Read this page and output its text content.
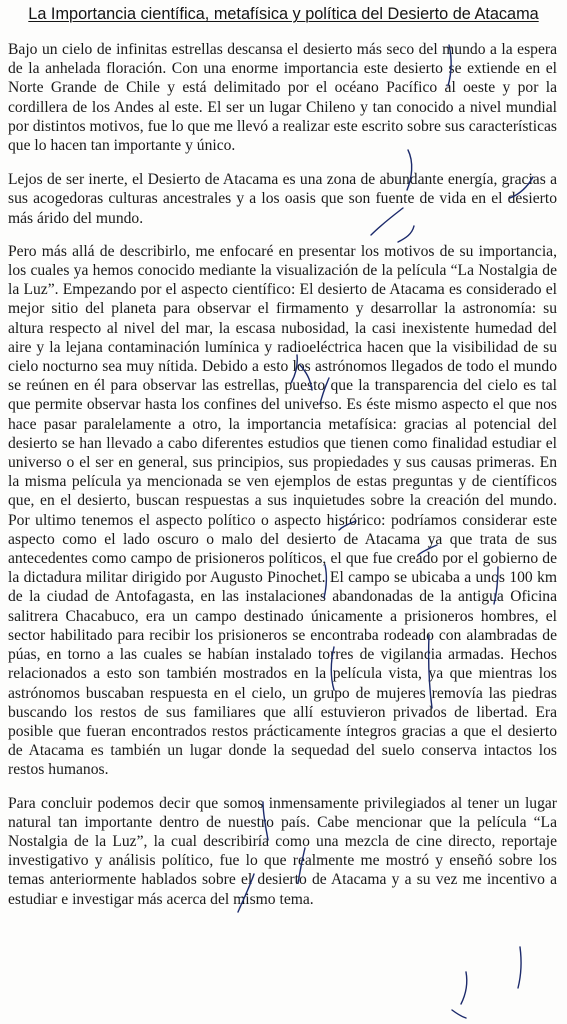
La Importancia científica, metafísica y política del Desierto de Atacama

Bajo un cielo de infinitas estrellas descansa el desierto más seco del mundo a la espera de la anhelada floración. Con una enorme importancia este desierto se extiende en el Norte Grande de Chile y está delimitado por el océano Pacífico al oeste y por la cordillera de los Andes al este. El ser un lugar Chileno y tan conocido a nivel mundial por distintos motivos, fue lo que me llevó a realizar este escrito sobre sus características que lo hacen tan importante y único.

Lejos de ser inerte, el Desierto de Atacama es una zona de abundante energía, gracias a sus acogedoras culturas ancestrales y a los oasis que son fuente de vida en el desierto más árido del mundo.

Pero más allá de describirlo, me enfocaré en presentar los motivos de su importancia, los cuales ya hemos conocido mediante la visualización de la película “La Nostalgia de la Luz”. Empezando por el aspecto científico: El desierto de Atacama es considerado el mejor sitio del planeta para observar el firmamento y desarrollar la astronomía: su altura respecto al nivel del mar, la escasa nubosidad, la casi inexistente humedad del aire y la lejana contaminación lumínica y radioeléctrica hacen que la visibilidad de su cielo nocturno sea muy nítida. Debido a esto los astrónomos llegados de todo el mundo se reúnen en él para observar las estrellas, puesto que la transparencia del cielo es tal que permite observar hasta los confines del universo. Es éste mismo aspecto el que nos hace pasar paralelamente a otro, la importancia metafísica: gracias al potencial del desierto se han llevado a cabo diferentes estudios que tienen como finalidad estudiar el universo o el ser en general, sus principios, sus propiedades y sus causas primeras. En la misma película ya mencionada se ven ejemplos de estas preguntas y de científicos que, en el desierto, buscan respuestas a sus inquietudes sobre la creación del mundo. Por ultimo tenemos el aspecto político o aspecto histórico: podríamos considerar este aspecto como el lado oscuro o malo del desierto de Atacama ya que trata de sus antecedentes como campo de prisioneros políticos, el que fue creado por el gobierno de la dictadura militar dirigido por Augusto Pinochet. El campo se ubicaba a unos 100 km de la ciudad de Antofagasta, en las instalaciones abandonadas de la antigua Oficina salitrera Chacabuco, era un campo destinado únicamente a prisioneros hombres, el sector habilitado para recibir los prisioneros se encontraba rodeado con alambradas de púas, en torno a las cuales se habían instalado torres de vigilancia armadas. Hechos relacionados a esto son también mostrados en la película vista, ya que mientras los astrónomos buscaban respuesta en el cielo, un grupo de mujeres removía las piedras buscando los restos de sus familiares que allí estuvieron privados de libertad. Era posible que fueran encontrados restos prácticamente íntegros gracias a que el desierto de Atacama es también un lugar donde la sequedad del suelo conserva intactos los restos humanos.

Para concluir podemos decir que somos inmensamente privilegiados al tener un lugar natural tan importante dentro de nuestro país. Cabe mencionar que la película “La Nostalgia de la Luz”, la cual describiría como una mezcla de cine directo, reportaje investigativo y análisis político, fue lo que realmente me mostró y enseñó sobre los temas anteriormente hablados sobre el desierto de Atacama y a su vez me incentivo a estudiar e investigar más acerca del mismo tema.
